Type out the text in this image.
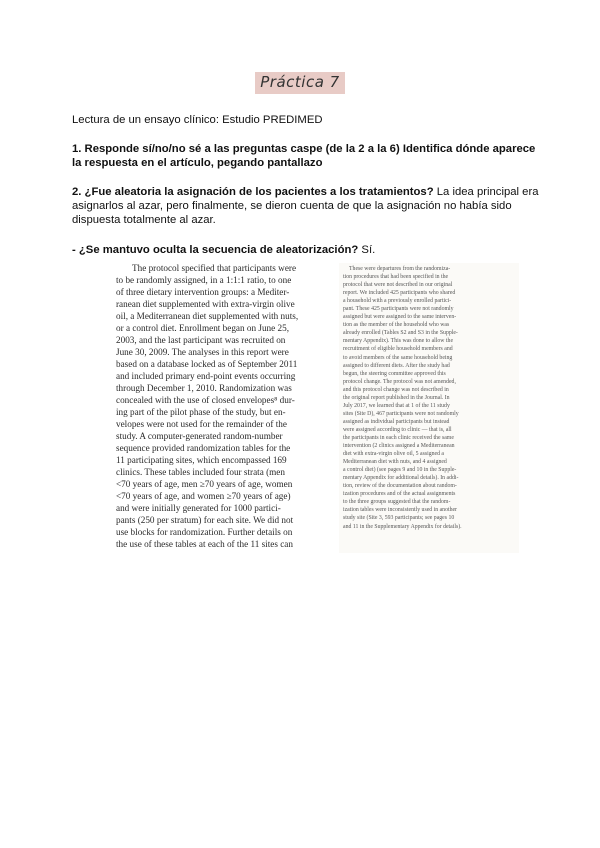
Práctica 7
Lectura de un ensayo clínico: Estudio PREDIMED
1. Responde sí/no/no sé a las preguntas caspe (de la 2 a la 6) Identifica dónde aparece la respuesta en el artículo, pegando pantallazo
2. ¿Fue aleatoria la asignación de los pacientes a los tratamientos? La idea principal era asignarlos al azar, pero finalmente, se dieron cuenta de que la asignación no había sido dispuesta totalmente al azar.
- ¿Se mantuvo oculta la secuencia de aleatorización? Sí.

The protocol specified that participants were
to be randomly assigned, in a 1:1:1 ratio, to one
of three dietary intervention groups: a Mediter-
ranean diet supplemented with extra-virgin olive
oil, a Mediterranean diet supplemented with nuts,
or a control diet. Enrollment began on June 25,
2003, and the last participant was recruited on
June 30, 2009. The analyses in this report were
based on a database locked as of September 2011
and included primary end-point events occurring
through December 1, 2010. Randomization was
concealed with the use of closed envelopes⁸ dur-
ing part of the pilot phase of the study, but en-
velopes were not used for the remainder of the
study. A computer-generated random-number
sequence provided randomization tables for the
11 participating sites, which encompassed 169
clinics. These tables included four strata (men
<70 years of age, men ≥70 years of age, women
<70 years of age, and women ≥70 years of age)
and were initially generated for 1000 partici-
pants (250 per stratum) for each site. We did not
use blocks for randomization. Further details on
the use of these tables at each of the 11 sites can

These were departures from the randomiza-
tion procedures that had been specified in the
protocol that were not described in our original
report. We included 425 participants who shared
a household with a previously enrolled partici-
pant. These 425 participants were not randomly
assigned but were assigned to the same interven-
tion as the member of the household who was
already enrolled (Tables S2 and S3 in the Supple-
mentary Appendix). This was done to allow the
recruitment of eligible household members and
to avoid members of the same household being
assigned to different diets. After the study had
begun, the steering committee approved this
protocol change. The protocol was not amended,
and this protocol change was not described in
the original report published in the Journal. In
July 2017, we learned that at 1 of the 11 study
sites (Site D), 467 participants were not randomly
assigned as individual participants but instead
were assigned according to clinic — that is, all
the participants in each clinic received the same
intervention (2 clinics assigned a Mediterranean
diet with extra-virgin olive oil, 5 assigned a
Mediterranean diet with nuts, and 4 assigned
a control diet) (see pages 9 and 10 in the Supple-
mentary Appendix for additional details). In addi-
tion, review of the documentation about random-
ization procedures and of the actual assignments
to the three groups suggested that the random-
ization tables were inconsistently used in another
study site (Site 3, 593 participants; see pages 10
and 11 in the Supplementary Appendix for details).
